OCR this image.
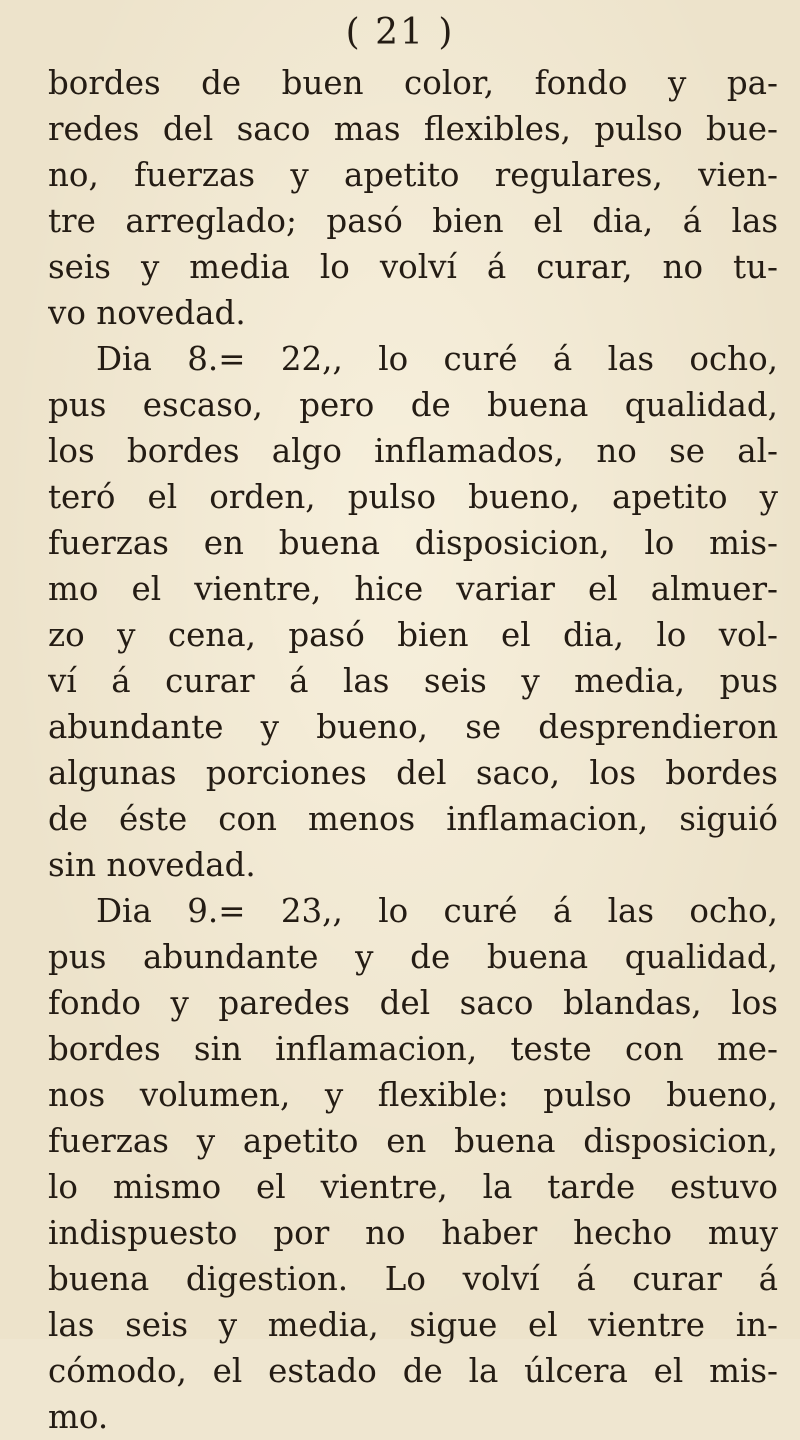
( 21 )
bordes de buen color, fondo y pa-
redes del saco mas flexibles, pulso bue-
no, fuerzas y apetito regulares, vien-
tre arreglado; pasó bien el dia, á las
seis y media lo volví á curar, no tu-
vo novedad.
Dia 8.= 22,, lo curé á las ocho,
pus escaso, pero de buena qualidad,
los bordes algo inflamados, no se al-
teró el orden, pulso bueno, apetito y
fuerzas en buena disposicion, lo mis-
mo el vientre, hice variar el almuer-
zo y cena, pasó bien el dia, lo vol-
ví á curar á las seis y media, pus
abundante y bueno, se desprendieron
algunas porciones del saco, los bordes
de éste con menos inflamacion, siguió
sin novedad.
Dia 9.= 23,, lo curé á las ocho,
pus abundante y de buena qualidad,
fondo y paredes del saco blandas, los
bordes sin inflamacion, teste con me-
nos volumen, y flexible: pulso bueno,
fuerzas y apetito en buena disposicion,
lo mismo el vientre, la tarde estuvo
indispuesto por no haber hecho muy
buena digestion. Lo volví á curar á
las seis y media, sigue el vientre in-
cómodo, el estado de la úlcera el mis-
mo.
